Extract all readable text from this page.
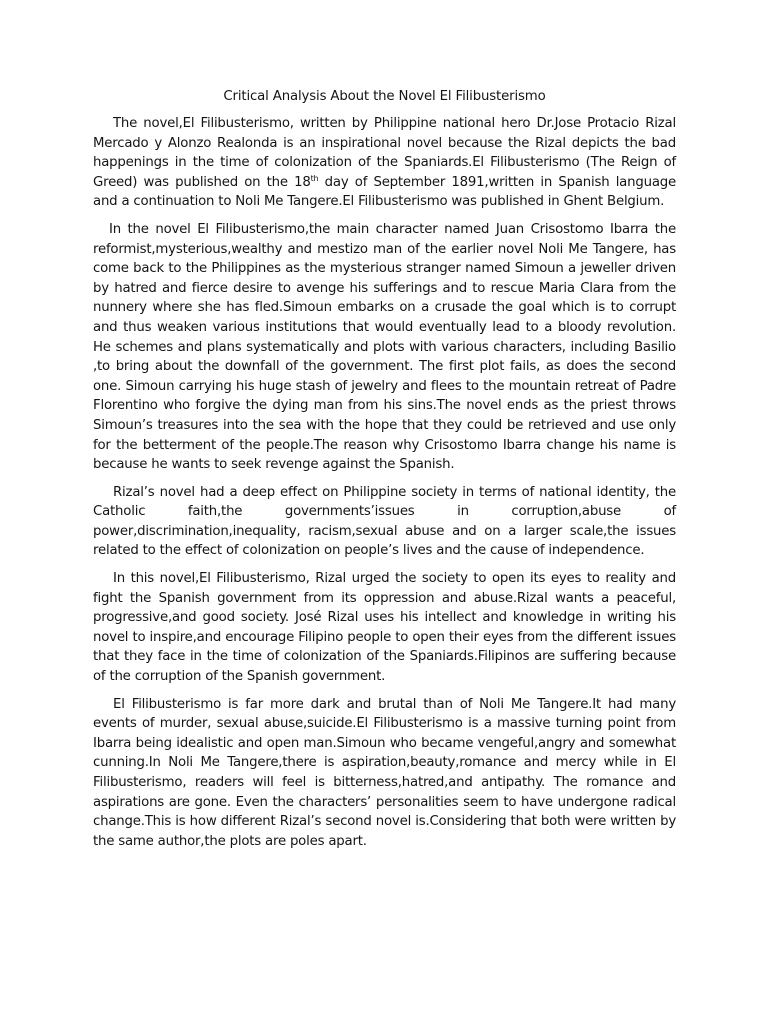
Critical Analysis About the Novel El Filibusterismo

The novel,El Filibusterismo, written by Philippine national hero Dr.Jose Protacio Rizal Mercado y Alonzo Realonda is an inspirational novel because the Rizal depicts the bad happenings in the time of colonization of the Spaniards.El Filibusterismo (The Reign of Greed) was published on the 18th day of September 1891,written in Spanish language and a continuation to Noli Me Tangere.El Filibusterismo was published in Ghent Belgium.

In the novel El Filibusterismo,the main character named Juan Crisostomo Ibarra the reformist,mysterious,wealthy and mestizo man of the earlier novel Noli Me Tangere, has come back to the Philippines as the mysterious stranger named Simoun a jeweller driven by hatred and fierce desire to avenge his sufferings and to rescue Maria Clara from the nunnery where she has fled.Simoun embarks on a crusade the goal which is to corrupt and thus weaken various institutions that would eventually lead to a bloody revolution. He schemes and plans systematically and plots with various characters, including Basilio ,to bring about the downfall of the government. The first plot fails, as does the second one. Simoun carrying his huge stash of jewelry and flees to the mountain retreat of Padre Florentino who forgive the dying man from his sins.The novel ends as the priest throws Simoun’s treasures into the sea with the hope that they could be retrieved and use only for the betterment of the people.The reason why Crisostomo Ibarra change his name is because he wants to seek revenge against the Spanish.

Rizal’s novel had a deep effect on Philippine society in terms of national identity, the Catholic faith,the governments’issues in corruption,abuse of power,discrimination,inequality, racism,sexual abuse and on a larger scale,the issues related to the effect of colonization on people’s lives and the cause of independence.

In this novel,El Filibusterismo, Rizal urged the society to open its eyes to reality and fight the Spanish government from its oppression and abuse.Rizal wants a peaceful, progressive,and good society. José Rizal uses his intellect and knowledge in writing his novel to inspire,and encourage Filipino people to open their eyes from the different issues that they face in the time of colonization of the Spaniards.Filipinos are suffering because of the corruption of the Spanish government.

El Filibusterismo is far more dark and brutal than of Noli Me Tangere.It had many events of murder, sexual abuse,suicide.El Filibusterismo is a massive turning point from Ibarra being idealistic and open man.Simoun who became vengeful,angry and somewhat cunning.In Noli Me Tangere,there is aspiration,beauty,romance and mercy while in El Filibusterismo, readers will feel is bitterness,hatred,and antipathy. The romance and aspirations are gone. Even the characters’ personalities seem to have undergone radical change.This is how different Rizal’s second novel is.Considering that both were written by the same author,the plots are poles apart.
